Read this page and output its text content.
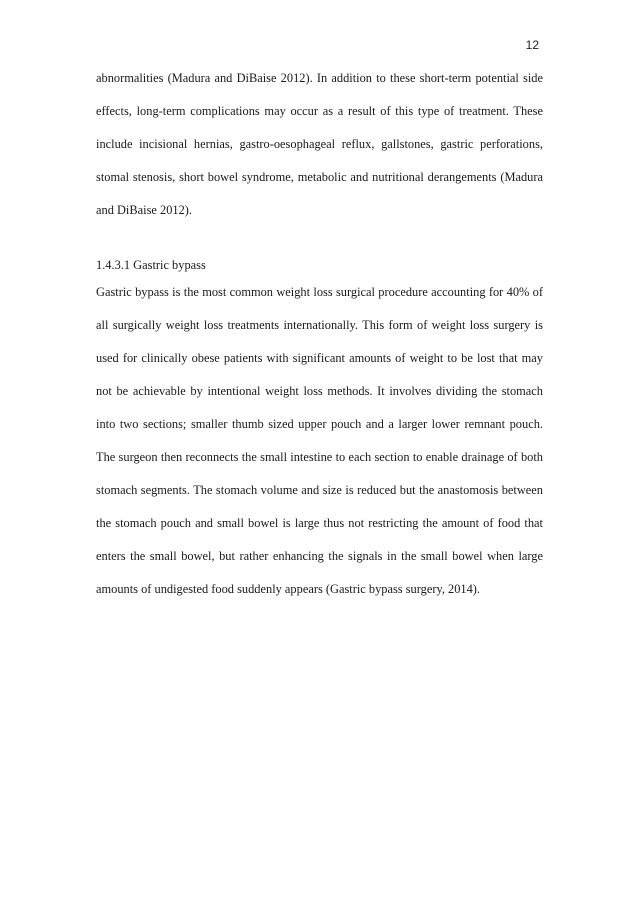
12

abnormalities (Madura and DiBaise 2012). In addition to these short-term potential side effects, long-term complications may occur as a result of this type of treatment. These include incisional hernias, gastro-oesophageal reflux, gallstones, gastric perforations, stomal stenosis, short bowel syndrome, metabolic and nutritional derangements (Madura and DiBaise 2012).

1.4.3.1 Gastric bypass

Gastric bypass is the most common weight loss surgical procedure accounting for 40% of all surgically weight loss treatments internationally. This form of weight loss surgery is used for clinically obese patients with significant amounts of weight to be lost that may not be achievable by intentional weight loss methods. It involves dividing the stomach into two sections; smaller thumb sized upper pouch and a larger lower remnant pouch. The surgeon then reconnects the small intestine to each section to enable drainage of both stomach segments. The stomach volume and size is reduced but the anastomosis between the stomach pouch and small bowel is large thus not restricting the amount of food that enters the small bowel, but rather enhancing the signals in the small bowel when large amounts of undigested food suddenly appears (Gastric bypass surgery, 2014).
